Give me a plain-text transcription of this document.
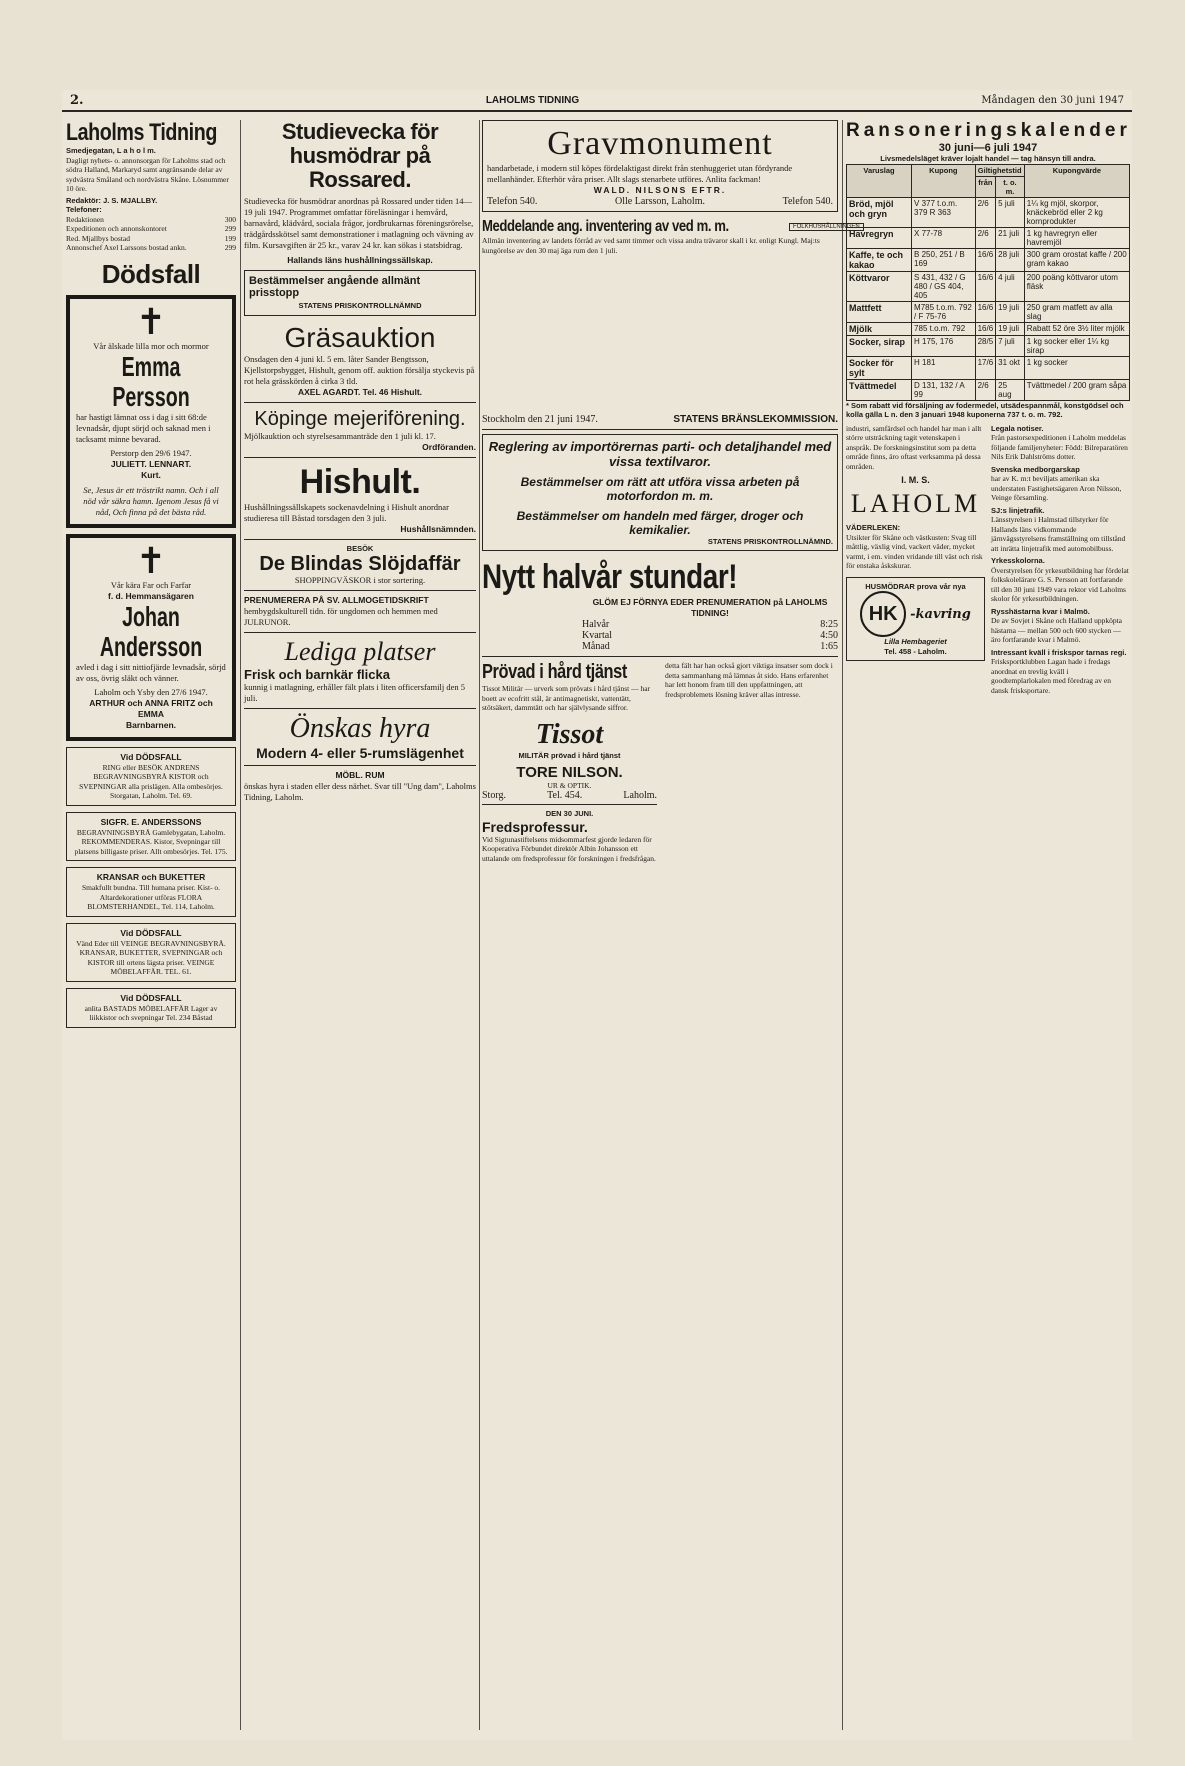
2.	LAHOLMS TIDNING	Måndagen den 30 juni 1947
Laholms Tidning
Smedjegatan, L a h o l m.
Dagligt nyhets- o. annonsorgan för Laholms stad och södra Halland, Markaryd samt angränsande delar av sydvästra Småland och nordvästra Skåne. Lösnummer 10 öre.
Redaktör: J. S. MJALLBY.
Telefoner:
Redaktionen	300
Expeditionen och annonskontoret	299
Red. Mjallbys bostad	199
Annonschef Axel Larssons bostad ankn.	299
Dödsfall
✝
Vår älskade lilla mor och mormor
Emma Persson
har hastigt lämnat oss i dag i sitt 68:de levnadsår, djupt sörjd och saknad men i tacksamt minne bevarad.
Perstorp den 29/6 1947.
JULIETT. LENNART.
Kurt.
Se, Jesus är ett tröstrikt namn. Och i all nöd vår säkra hamn. Igenom Jesus få vi nåd, Och finna på det bästa råd.
✝
Vår kära Far och Farfar
f. d. Hemmansägaren
Johan Andersson
avled i dag i sitt nittiofjärde levnadsår, sörjd av oss, övrig släkt och vänner.
Laholm och Ysby den 27/6 1947.
ARTHUR och ANNA FRITZ och EMMA
Barnbarnen.
Vid DÖDSFALL
RING eller BESÖK ANDRENS BEGRAVNINGSBYRÅ KISTOR och SVEPNINGAR alla prislägen. Alla ombesörjes. Storgatan, Laholm. Tel. 69.
SIGFR. E. ANDERSSONS
BEGRAVNINGSBYRÅ Gamlebygatan, Laholm. REKOMMENDERAS. Kistor, Svepningar till platsens billigaste priser. Allt ombesörjes. Tel. 175.
KRANSAR och BUKETTER
Smakfullt bundna. Till humana priser. Kist- o. Altardekorationer utföras FLORA BLOMSTERHANDEL, Tel. 114, Laholm.
Vid DÖDSFALL
Vänd Eder till VEINGE BEGRAVNINGSBYRÅ. KRANSAR, BUKETTER, SVEPNINGAR och KISTOR till ortens lägsta priser. VEINGE MÖBELAFFÄR. TEL. 61.
Vid DÖDSFALL
anlita BASTADS MÖBELAFFÄR Lager av liikkistor och svepningar Tel. 234 Båstad
Studievecka för husmödrar på Rossared.
Studievecka för husmödrar anordnas på Rossared under tiden 14—19 juli 1947. Programmet omfattar föreläsningar i hemvård, barnavård, klädvård, sociala frågor, jordbrukarnas föreningsrörelse, trädgårdsskötsel samt demonstrationer i matlagning och vävning av film. Kursavgiften är 25 kr., varav 24 kr. kan sökas i statsbidrag.
Hallands läns hushållningssällskap.
Bestämmelser angående allmänt prisstopp
STATENS PRISKONTROLLNÄMND
Gräsauktion
Onsdagen den 4 juni kl. 5 em. låter Sander Bengtsson, Kjellstorpsbygget, Hishult, genom off. auktion försälja styckevis på rot hela grässkörden å cirka 3 tld.
AXEL AGARDT. Tel. 46 Hishult.
Köpinge mejeriförening.
Mjölkauktion och styrelsesammanträde den 1 juli kl. 17.
Ordföranden.
Hishult.
Hushållningssällskapets sockenavdelning i Hishult anordnar studieresa till Båstad torsdagen den 3 juli.
Hushållsnämnden.
BESÖK
De Blindas Slöjdaffär
SHOPPINGVÄSKOR i stor sortering.
PRENUMERERA PÅ SV. ALLMOGETIDSKRIFT
hembygdskulturell tidn. för ungdomen och hemmen med JULRUNOR.
Lediga platser
Frisk och barnkär flicka
kunnig i matlagning, erhåller fält plats i liten officersfamilj den 5 juli.
Önskas hyra
Modern 4- eller 5-rumslägenhet
MÖBL. RUM
önskas hyra i staden eller dess närhet. Svar till "Ung dam", Laholms Tidning, Laholm.
Gravmonument
handarbetade, i modern stil köpes fördelaktigast direkt från stenhuggeriet utan fördyrande mellanhänder. Efterhör våra priser. Allt slags stenarbete utföres. Anlita fackman!
WALD. NILSONS EFTR.
Telefon 540.	Olle Larsson, Laholm.	Telefon 540.
Meddelande ang. inventering av ved m. m.	FOLKHUSHÅLLNINGEN
Allmän inventering av landets förråd av ved samt timmer och vissa andra trävaror skall i kr. enligt Kungl. Maj:ts kungörelse av den 30 maj äga rum den 1 juli.
Stockholm den 21 juni 1947.	STATENS BRÄNSLEKOMMISSION.
Reglering av importörernas parti- och detaljhandel med vissa textilvaror.
Bestämmelser om rätt att utföra vissa arbeten på motorfordon m. m.
Bestämmelser om handeln med färger, droger och kemikalier.
STATENS PRISKONTROLLNÄMND.
Nytt halvår stundar!
GLÖM EJ FÖRNYA EDER PRENUMERATION på LAHOLMS TIDNING!
Halvår	8:25
Kvartal	4:50
Månad	1:65
Prövad i hård tjänst
Tissot Militär — urverk som prövats i hård tjänst — har boett av ecofritt stål, är antimagnetiskt, vattentätt, stötsäkert, dammtätt och har självlysande siffror.
Tissot
MILITÄR prövad i hård tjänst
TORE NILSON.
UR & OPTIK.
Storg.	Tel. 454.	Laholm.
DEN 30 JUNI.
Fredsprofessur.
Vid Sigtunastiftelsens midsommarfest gjorde ledaren för Kooperativa Förbundet direktör Albin Johansson ett uttalande om fredsprofessur för forskningen i fredsfrågan.
detta fält har han också gjort viktiga insatser som dock i detta sammanhang må lämnas åt sido. Hans erfarenhet har lett honom fram till den uppfattningen, att fredsproblemets lösning kräver allas intresse.
Ransoneringskalender
30 juni—6 juli 1947
Livsmedelsläget kräver lojalt handel — tag hänsyn till andra.
Varuslag	Kupong	Giltighetstid		Kupongvärde
		från	t. o. m.	

Bröd, mjöl och gryn	V 377 t.o.m. 379 R 363	2/6	5 juli	1¼ kg mjöl, skorpor, knäckebröd eller 2 kg kornprodukter

Havregryn	X 77-78	2/6	21 juli	1 kg havregryn eller havremjöl

Kaffe, te och kakao	B 250, 251 / B 169	16/6	28 juli	300 gram orostat kaffe / 200 gram kakao

Köttvaror	S 431, 432 / G 480 / GS 404, 405	16/6	4 juli	200 poäng köttvaror utom fläsk

Mattfett	M785 t.o.m. 792 / F 75-76	16/6	19 juli	250 gram matfett av alla slag

Mjölk	785 t.o.m. 792	16/6	19 juli	Rabatt 52 öre 3½ liter mjölk

Socker, sirap	H 175, 176	28/5	7 juli	1 kg socker eller 1¼ kg sirap

Socker för sylt	H 181	17/6	31 okt	1 kg socker

Tvättmedel	D 131, 132 / A 99	2/6	25 aug	Tvättmedel / 200 gram såpa
* Som rabatt vid försäljning av fodermedel, utsädespannmål, konstgödsel och kolla gälla L n. den 3 januari 1948 kuponerna 737 t. o. m. 792.
industri, samfärdsel och handel har man i allt större utsträckning tagit vetenskapen i anspråk. De forskningsinstitut som pa detta område finns, äro oftast verksamma på dessa områden.
I. M. S.
LAHOLM
VÄDERLEKEN:
Utsikter för Skåne och västkusten: Svag till måttlig, växlig vind, vackert väder, mycket varmt, i em. vinden vridande till väst och risk för enstaka åskskurar.
HUSMÖDRAR prova vår nya
HK -kavring
Lilla Hembageriet
Tel. 458 - Laholm.
Legala notiser.
Från pastorsexpeditionen i Laholm meddelas följande familjenyheter: Född: Bilreparatören Nils Erik Dahlströms dotter.
Svenska medborgarskap
har av K. m:t beviljats amerikan ska understaten Fastighetsägaren Aron Nilsson, Veinge församling.
SJ:s linjetrafik.
Länsstyrelsen i Halmstad tillstyrker för Hallands läns vidkommande järnvägsstyrelsens framställning om tillstånd att inrätta linjetrafik med automobilbuss.
Yrkesskolorna.
Överstyrelsen för yrkesutbildning har fördelat folkskolelärare G. S. Persson att fortfarande till den 30 juni 1949 vara rektor vid Laholms skolor för yrkesutbildningen.
Rysshästarna kvar i Malmö.
De av Sovjet i Skåne och Halland uppköpta hästarna — mellan 500 och 600 stycken — äro fortfarande kvar i Malmö.
Intressant kväll i friskspor tarnas regi.
Frisksportklubben Lagan hade i fredags anordnat en trevlig kväll i goodtemplarlokalen med föredrag av en dansk frisksportare.
